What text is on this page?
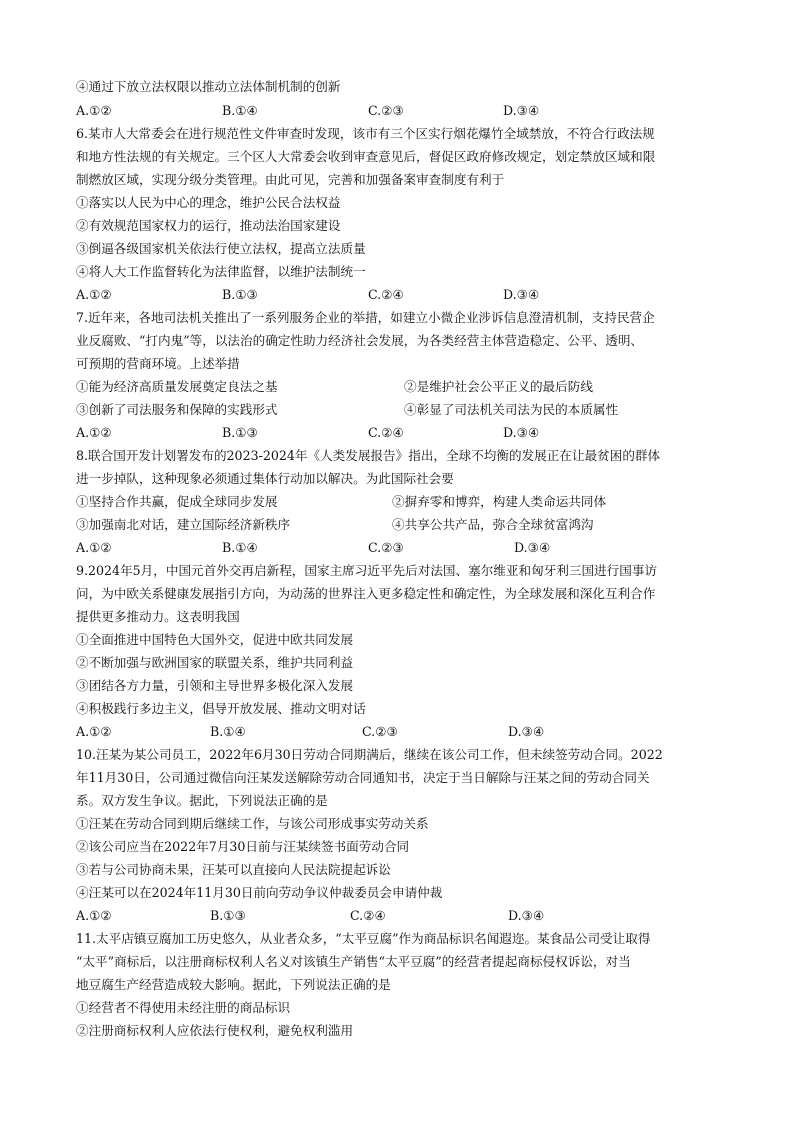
④通过下放立法权限以推动立法体制机制的创新
A.①②	B.①④	C.②③	D.③④
6.某市人大常委会在进行规范性文件审查时发现，该市有三个区实行烟花爆竹全域禁放，不符合行政法规
和地方性法规的有关规定。三个区人大常委会收到审查意见后，督促区政府修改规定，划定禁放区域和限
制燃放区域，实现分级分类管理。由此可见，完善和加强备案审查制度有利于
①落实以人民为中心的理念，维护公民合法权益
②有效规范国家权力的运行，推动法治国家建设
③倒逼各级国家机关依法行使立法权，提高立法质量
④将人大工作监督转化为法律监督，以维护法制统一
A.①②	B.①③	C.②④	D.③④
7.近年来，各地司法机关推出了一系列服务企业的举措，如建立小微企业涉诉信息澄清机制，支持民营企
业反腐败、“打内鬼”等，以法治的确定性助力经济社会发展，为各类经营主体营造稳定、公平、透明、
可预期的营商环境。上述举措
①能为经济高质量发展奠定良法之基	②是维护社会公平正义的最后防线
③创新了司法服务和保障的实践形式	④彰显了司法机关司法为民的本质属性
A.①②	B.①③	C.②④	D.③④
8.联合国开发计划署发布的2023-2024年《人类发展报告》指出，全球不均衡的发展正在让最贫困的群体
进一步掉队，这种现象必须通过集体行动加以解决。为此国际社会要
①坚持合作共赢，促成全球同步发展	②摒弃零和博弈，构建人类命运共同体
③加强南北对话，建立国际经济新秩序	④共享公共产品，弥合全球贫富鸿沟
A.①②	B.①④	C.②③	D.③④
9.2024年5月，中国元首外交再启新程，国家主席习近平先后对法国、塞尔维亚和匈牙利三国进行国事访
问，为中欧关系健康发展指引方向，为动荡的世界注入更多稳定性和确定性，为全球发展和深化互利合作
提供更多推动力。这表明我国
①全面推进中国特色大国外交，促进中欧共同发展
②不断加强与欧洲国家的联盟关系，维护共同利益
③团结各方力量，引领和主导世界多极化深入发展
④积极践行多边主义，倡导开放发展、推动文明对话
A.①②	B.①④	C.②③	D.③④
10.汪某为某公司员工，2022年6月30日劳动合同期满后，继续在该公司工作，但未续签劳动合同。2022
年11月30日，公司通过微信向汪某发送解除劳动合同通知书，决定于当日解除与汪某之间的劳动合同关
系。双方发生争议。据此，下列说法正确的是
①汪某在劳动合同到期后继续工作，与该公司形成事实劳动关系
②该公司应当在2022年7月30日前与汪某续签书面劳动合同
③若与公司协商未果，汪某可以直接向人民法院提起诉讼
④汪某可以在2024年11月30日前向劳动争议仲裁委员会申请仲裁
A.①②	B.①③	C.②④	D.③④
11.太平店镇豆腐加工历史悠久，从业者众多，“太平豆腐”作为商品标识名闻遐迩。某食品公司受让取得
“太平”商标后，以注册商标权利人名义对该镇生产销售“太平豆腐”的经营者提起商标侵权诉讼，对当
地豆腐生产经营造成较大影响。据此，下列说法正确的是
①经营者不得使用未经注册的商品标识
②注册商标权利人应依法行使权利，避免权利滥用
